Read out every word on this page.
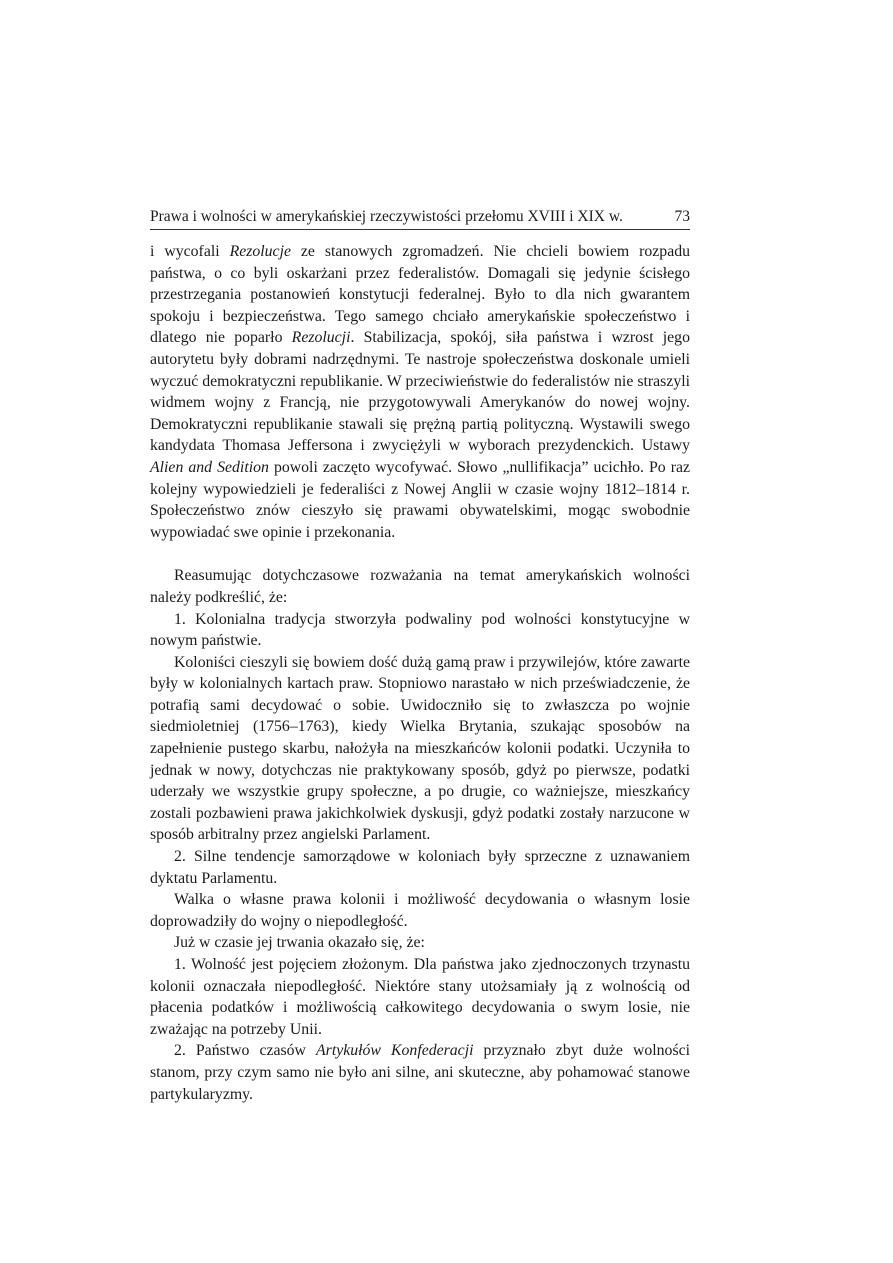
Prawa i wolności w amerykańskiej rzeczywistości przełomu XVIII i XIX w.	73

i wycofali Rezolucje ze stanowych zgromadzeń. Nie chcieli bowiem rozpadu państwa, o co byli oskarżani przez federalistów. Domagali się jedynie ścisłego przestrzegania postanowień konstytucji federalnej. Było to dla nich gwarantem spokoju i bezpieczeństwa. Tego samego chciało amerykańskie społeczeństwo i dlatego nie poparło Rezolucji. Stabilizacja, spokój, siła państwa i wzrost jego autorytetu były dobrami nadrzędnymi. Te nastroje społeczeństwa doskonale umieli wyczuć demokratyczni republikanie. W przeciwieństwie do federalistów nie straszyli widmem wojny z Francją, nie przygotowywali Amerykanów do nowej wojny. Demokratyczni republikanie stawali się prężną partią polityczną. Wystawili swego kandydata Thomasa Jeffersona i zwyciężyli w wyborach prezydenckich. Ustawy Alien and Sedition powoli zaczęto wycofywać. Słowo „nullifikacja” ucichło. Po raz kolejny wypowiedzieli je federaliści z Nowej Anglii w czasie wojny 1812–1814 r. Społeczeństwo znów cieszyło się prawami obywatelskimi, mogąc swobodnie wypowiadać swe opinie i przekonania.

Reasumując dotychczasowe rozważania na temat amerykańskich wolności należy podkreślić, że:

1. Kolonialna tradycja stworzyła podwaliny pod wolności konstytucyjne w nowym państwie.

Koloniści cieszyli się bowiem dość dużą gamą praw i przywilejów, które zawarte były w kolonialnych kartach praw. Stopniowo narastało w nich przeświadczenie, że potrafią sami decydować o sobie. Uwidoczniło się to zwłaszcza po wojnie siedmioletniej (1756–1763), kiedy Wielka Brytania, szukając sposobów na zapełnienie pustego skarbu, nałożyła na mieszkańców kolonii podatki. Uczyniła to jednak w nowy, dotychczas nie praktykowany sposób, gdyż po pierwsze, podatki uderzały we wszystkie grupy społeczne, a po drugie, co ważniejsze, mieszkańcy zostali pozbawieni prawa jakichkolwiek dyskusji, gdyż podatki zostały narzucone w sposób arbitralny przez angielski Parlament.

2. Silne tendencje samorządowe w koloniach były sprzeczne z uznawaniem dyktatu Parlamentu.

Walka o własne prawa kolonii i możliwość decydowania o własnym losie doprowadziły do wojny o niepodległość.

Już w czasie jej trwania okazało się, że:

1. Wolność jest pojęciem złożonym. Dla państwa jako zjednoczonych trzynastu kolonii oznaczała niepodległość. Niektóre stany utożsamiały ją z wolnością od płacenia podatków i możliwością całkowitego decydowania o swym losie, nie zważając na potrzeby Unii.

2. Państwo czasów Artykułów Konfederacji przyznało zbyt duże wolności stanom, przy czym samo nie było ani silne, ani skuteczne, aby pohamować stanowe partykularyzmy.
